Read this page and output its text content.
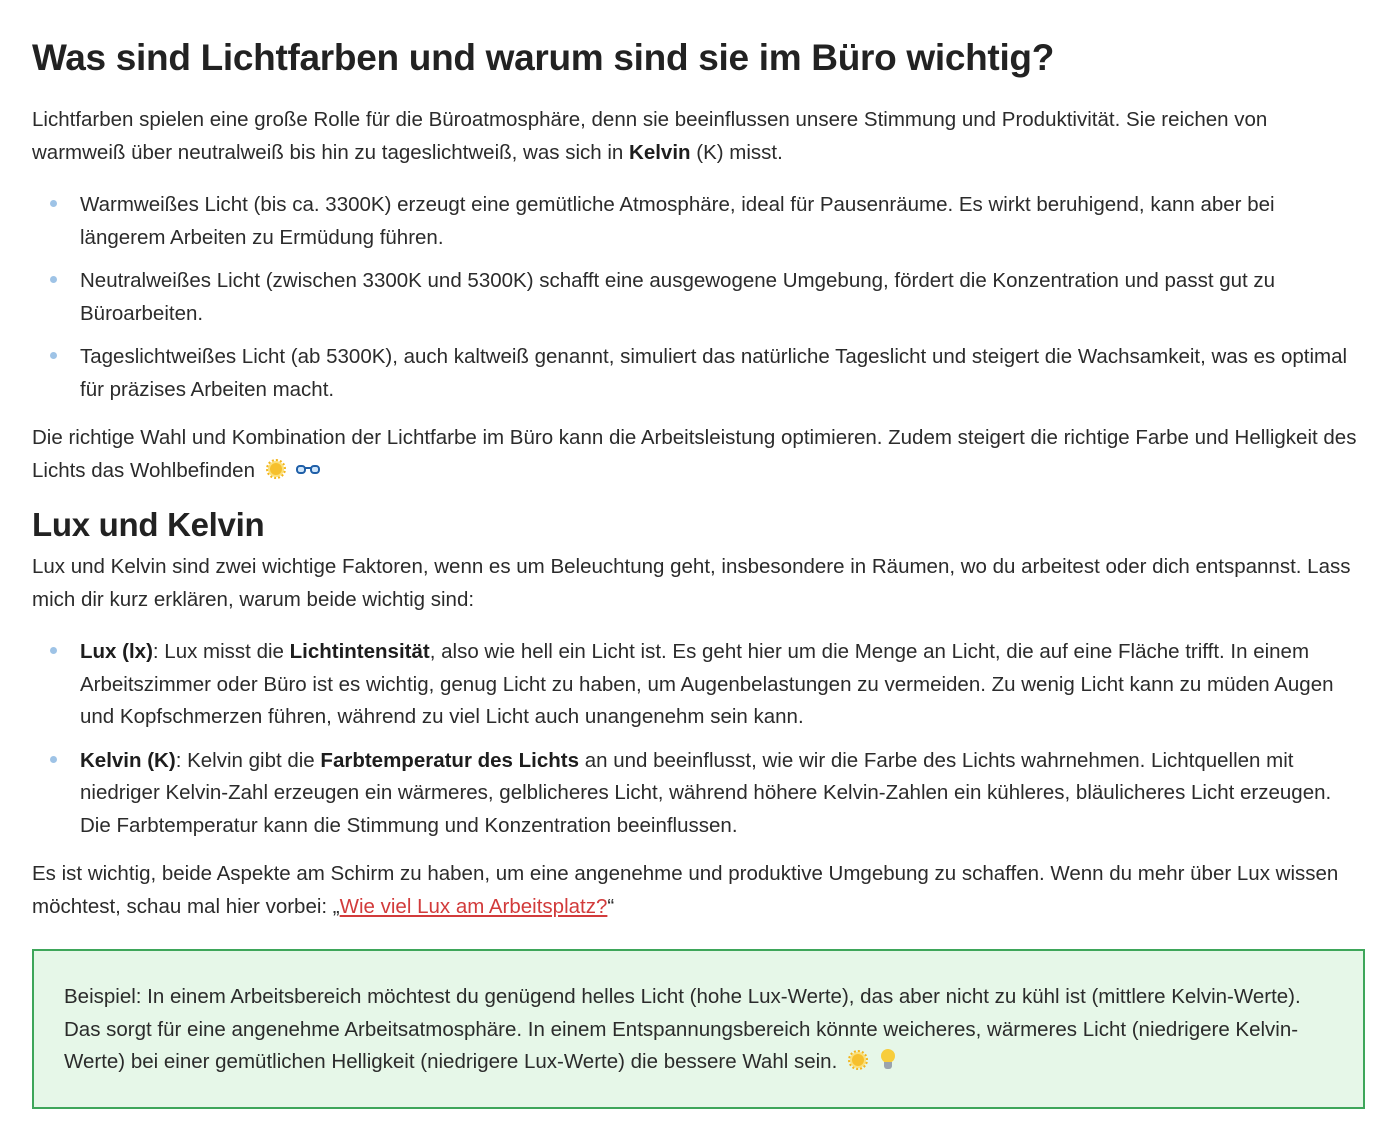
Was sind Lichtfarben und warum sind sie im Büro wichtig?

Lichtfarben spielen eine große Rolle für die Büroatmosphäre, denn sie beeinflussen unsere Stimmung und Produktivität. Sie reichen von warmweiß über neutralweiß bis hin zu tageslichtweiß, was sich in Kelvin (K) misst.

Warmweißes Licht (bis ca. 3300K) erzeugt eine gemütliche Atmosphäre, ideal für Pausenräume. Es wirkt beruhigend, kann aber bei längerem Arbeiten zu Ermüdung führen.
Neutralweißes Licht (zwischen 3300K und 5300K) schafft eine ausgewogene Umgebung, fördert die Konzentration und passt gut zu Büroarbeiten.
Tageslichtweißes Licht (ab 5300K), auch kaltweiß genannt, simuliert das natürliche Tageslicht und steigert die Wachsamkeit, was es optimal für präzises Arbeiten macht.

Die richtige Wahl und Kombination der Lichtfarbe im Büro kann die Arbeitsleistung optimieren. Zudem steigert die richtige Farbe und Helligkeit des Lichts das Wohlbefinden

Lux und Kelvin

Lux und Kelvin sind zwei wichtige Faktoren, wenn es um Beleuchtung geht, insbesondere in Räumen, wo du arbeitest oder dich entspannst. Lass mich dir kurz erklären, warum beide wichtig sind:

Lux (lx): Lux misst die Lichtintensität, also wie hell ein Licht ist. Es geht hier um die Menge an Licht, die auf eine Fläche trifft. In einem Arbeitszimmer oder Büro ist es wichtig, genug Licht zu haben, um Augenbelastungen zu vermeiden. Zu wenig Licht kann zu müden Augen und Kopfschmerzen führen, während zu viel Licht auch unangenehm sein kann.
Kelvin (K): Kelvin gibt die Farbtemperatur des Lichts an und beeinflusst, wie wir die Farbe des Lichts wahrnehmen. Lichtquellen mit niedriger Kelvin-Zahl erzeugen ein wärmeres, gelblicheres Licht, während höhere Kelvin-Zahlen ein kühleres, bläulicheres Licht erzeugen. Die Farbtemperatur kann die Stimmung und Konzentration beeinflussen.

Es ist wichtig, beide Aspekte am Schirm zu haben, um eine angenehme und produktive Umgebung zu schaffen. Wenn du mehr über Lux wissen möchtest, schau mal hier vorbei: „Wie viel Lux am Arbeitsplatz?“

Beispiel: In einem Arbeitsbereich möchtest du genügend helles Licht (hohe Lux-Werte), das aber nicht zu kühl ist (mittlere Kelvin-Werte). Das sorgt für eine angenehme Arbeitsatmosphäre. In einem Entspannungsbereich könnte weicheres, wärmeres Licht (niedrigere Kelvin-Werte) bei einer gemütlichen Helligkeit (niedrigere Lux-Werte) die bessere Wahl sein.
